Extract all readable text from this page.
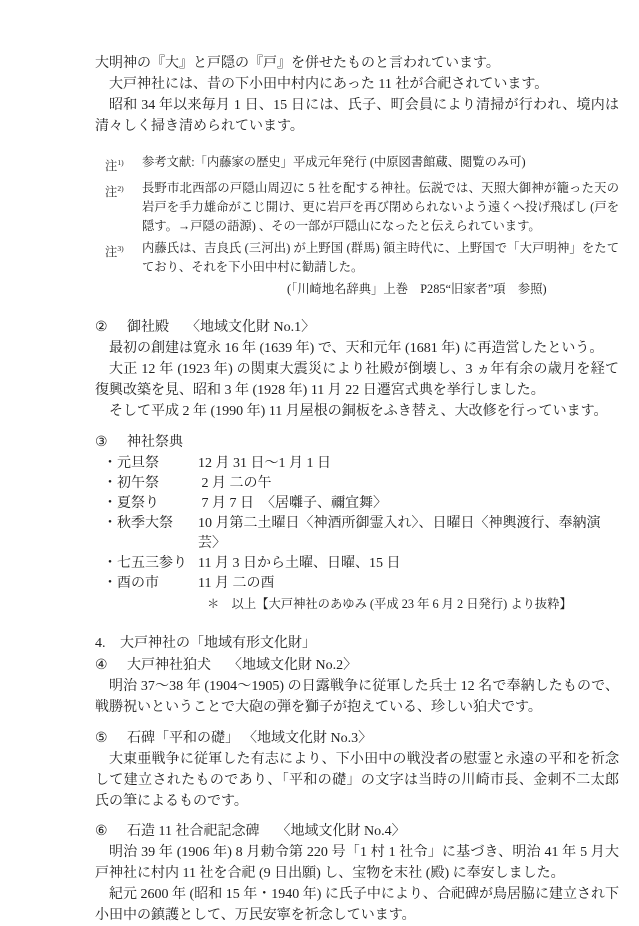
大明神の『大』と戸隠の『戸』を併せたものと言われています。

大戸神社には、昔の下小田中村内にあった 11 社が合祀されています。

昭和 34 年以来毎月 1 日、15 日には、氏子、町会員により清掃が行われ、境内は清々しく掃き清められています。

注$^{1)}$	参考文献:「内藤家の歴史」平成元年発行 (中原図書館蔵、閲覧のみ可)
注$^{2)}$	長野市北西部の戸隠山周辺に 5 社を配する神社。伝説では、天照大御神が籠った天の岩戸を手力雄命がこじ開け、更に岩戸を再び閉められないよう遠くへ投げ飛ばし (戸を隠す。→戸隠の語源) 、その一部が戸隠山になったと伝えられています。
注$^{3)}$	内藤氏は、吉良氏 (三河出) が上野国 (群馬) 領主時代に、上野国で「大戸明神」をたてており、それを下小田中村に勧請した。
(「川崎地名辞典」上巻　P285“旧家者”項　参照)
②	御社殿 〈地域文化財 No.1〉

最初の創建は寛永 16 年 (1639 年) で、天和元年 (1681 年) に再造営したという。

大正 12 年 (1923 年) の関東大震災により社殿が倒壊し、3 ヵ年有余の歳月を経て復興改築を見、昭和 3 年 (1928 年) 11 月 22 日遷宮式典を挙行しました。

そして平成 2 年 (1990 年) 11 月屋根の銅板をふき替え、大改修を行っています。

③	神社祭典
・元旦祭	12 月 31 日～1 月 1 日
・初午祭	2 月 二の午
・夏祭り	7 月 7 日　〈居囃子、禰宜舞〉
・秋季大祭	10 月第二土曜日〈神酒所御霊入れ〉、日曜日〈神輿渡行、奉納演芸〉
・七五三参り 11 月 3 日から土曜、日曜、15 日
・酉の市	11 月 二の酉
＊　以上【大戸神社のあゆみ (平成 23 年 6 月 2 日発行) より抜粋】
4.	大戸神社の「地域有形文化財」
④	大戸神社狛犬 〈地域文化財 No.2〉

明治 37～38 年 (1904～1905) の日露戦争に従軍した兵士 12 名で奉納したもので、戦勝祝いということで大砲の弾を獅子が抱えている、珍しい狛犬です。

⑤	石碑「平和の礎」 〈地域文化財 No.3〉

大東亜戦争に従軍した有志により、下小田中の戦没者の慰霊と永遠の平和を祈念して建立されたものであり、「平和の礎」の文字は当時の川崎市長、金刺不二太郎氏の筆によるものです。

⑥	石造 11 社合祀記念碑 〈地域文化財 No.4〉

明治 39 年 (1906 年) 8 月勅令第 220 号「1 村 1 社令」に基づき、明治 41 年 5 月大戸神社に村内 11 社を合祀 (9 日出願) し、宝物を末社 (殿) に奉安しました。

紀元 2600 年 (昭和 15 年・1940 年) に氏子中により、合祀碑が鳥居脇に建立され下小田中の鎮護として、万民安寧を祈念しています。
